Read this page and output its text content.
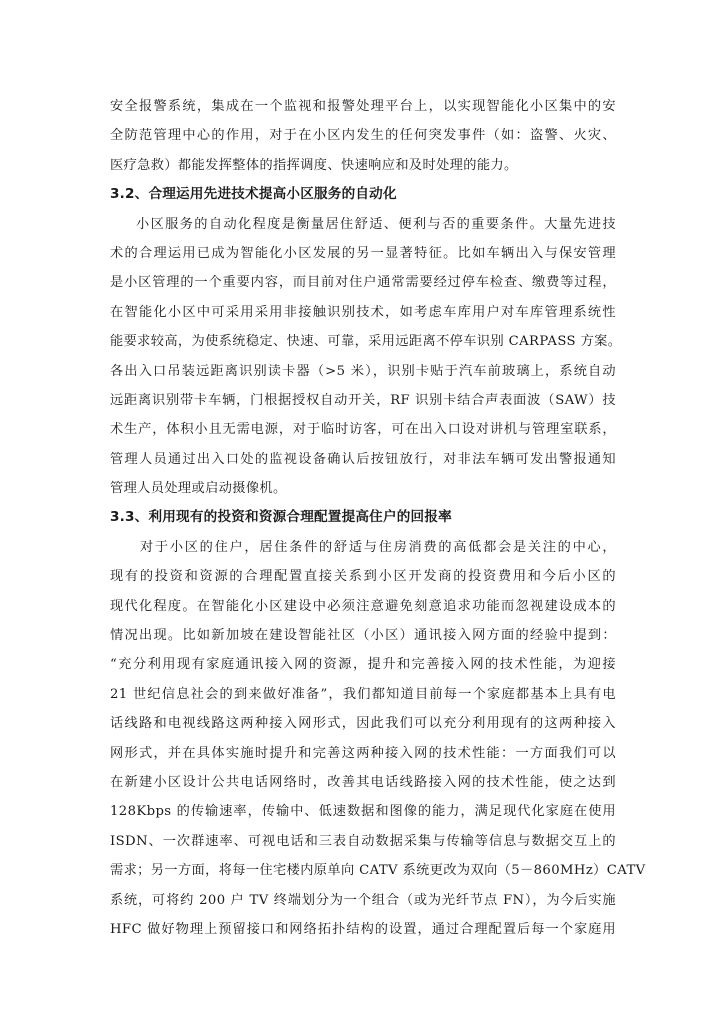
安全报警系统，集成在一个监视和报警处理平台上，以实现智能化小区集中的安
全防范管理中心的作用，对于在小区内发生的任何突发事件（如：盗警、火灾、
医疗急救）都能发挥整体的指挥调度、快速响应和及时处理的能力。
3.2、合理运用先进技术提高小区服务的自动化
小区服务的自动化程度是衡量居住舒适、便利与否的重要条件。大量先进技
术的合理运用已成为智能化小区发展的另一显著特征。比如车辆出入与保安管理
是小区管理的一个重要内容，而目前对住户通常需要经过停车检查、缴费等过程，
在智能化小区中可采用采用非接触识别技术，如考虑车库用户对车库管理系统性
能要求较高，为使系统稳定、快速、可靠，采用远距离不停车识别 CARPASS 方案。
各出入口吊装远距离识别读卡器（>5 米），识别卡贴于汽车前玻璃上，系统自动
远距离识别带卡车辆，门根据授权自动开关，RF 识别卡结合声表面波（SAW）技
术生产，体积小且无需电源，对于临时访客，可在出入口设对讲机与管理室联系，
管理人员通过出入口处的监视设备确认后按钮放行，对非法车辆可发出警报通知
管理人员处理或启动摄像机。
3.3、利用现有的投资和资源合理配置提高住户的回报率
对于小区的住户，居住条件的舒适与住房消费的高低都会是关注的中心，
现有的投资和资源的合理配置直接关系到小区开发商的投资费用和今后小区的
现代化程度。在智能化小区建设中必须注意避免刻意追求功能而忽视建设成本的
情况出现。比如新加坡在建设智能社区（小区）通讯接入网方面的经验中提到：
“充分利用现有家庭通讯接入网的资源，提升和完善接入网的技术性能，为迎接
21 世纪信息社会的到来做好准备”，我们都知道目前每一个家庭都基本上具有电
话线路和电视线路这两种接入网形式，因此我们可以充分利用现有的这两种接入
网形式，并在具体实施时提升和完善这两种接入网的技术性能：一方面我们可以
在新建小区设计公共电话网络时，改善其电话线路接入网的技术性能，使之达到
128Kbps 的传输速率，传输中、低速数据和图像的能力，满足现代化家庭在使用
ISDN、一次群速率、可视电话和三表自动数据采集与传输等信息与数据交互上的
需求；另一方面，将每一住宅楼内原单向 CATV 系统更改为双向（5－860MHz）CATV
系统，可将约 200 户 TV 终端划分为一个组合（或为光纤节点 FN），为今后实施
HFC 做好物理上预留接口和网络拓扑结构的设置，通过合理配置后每一个家庭用
